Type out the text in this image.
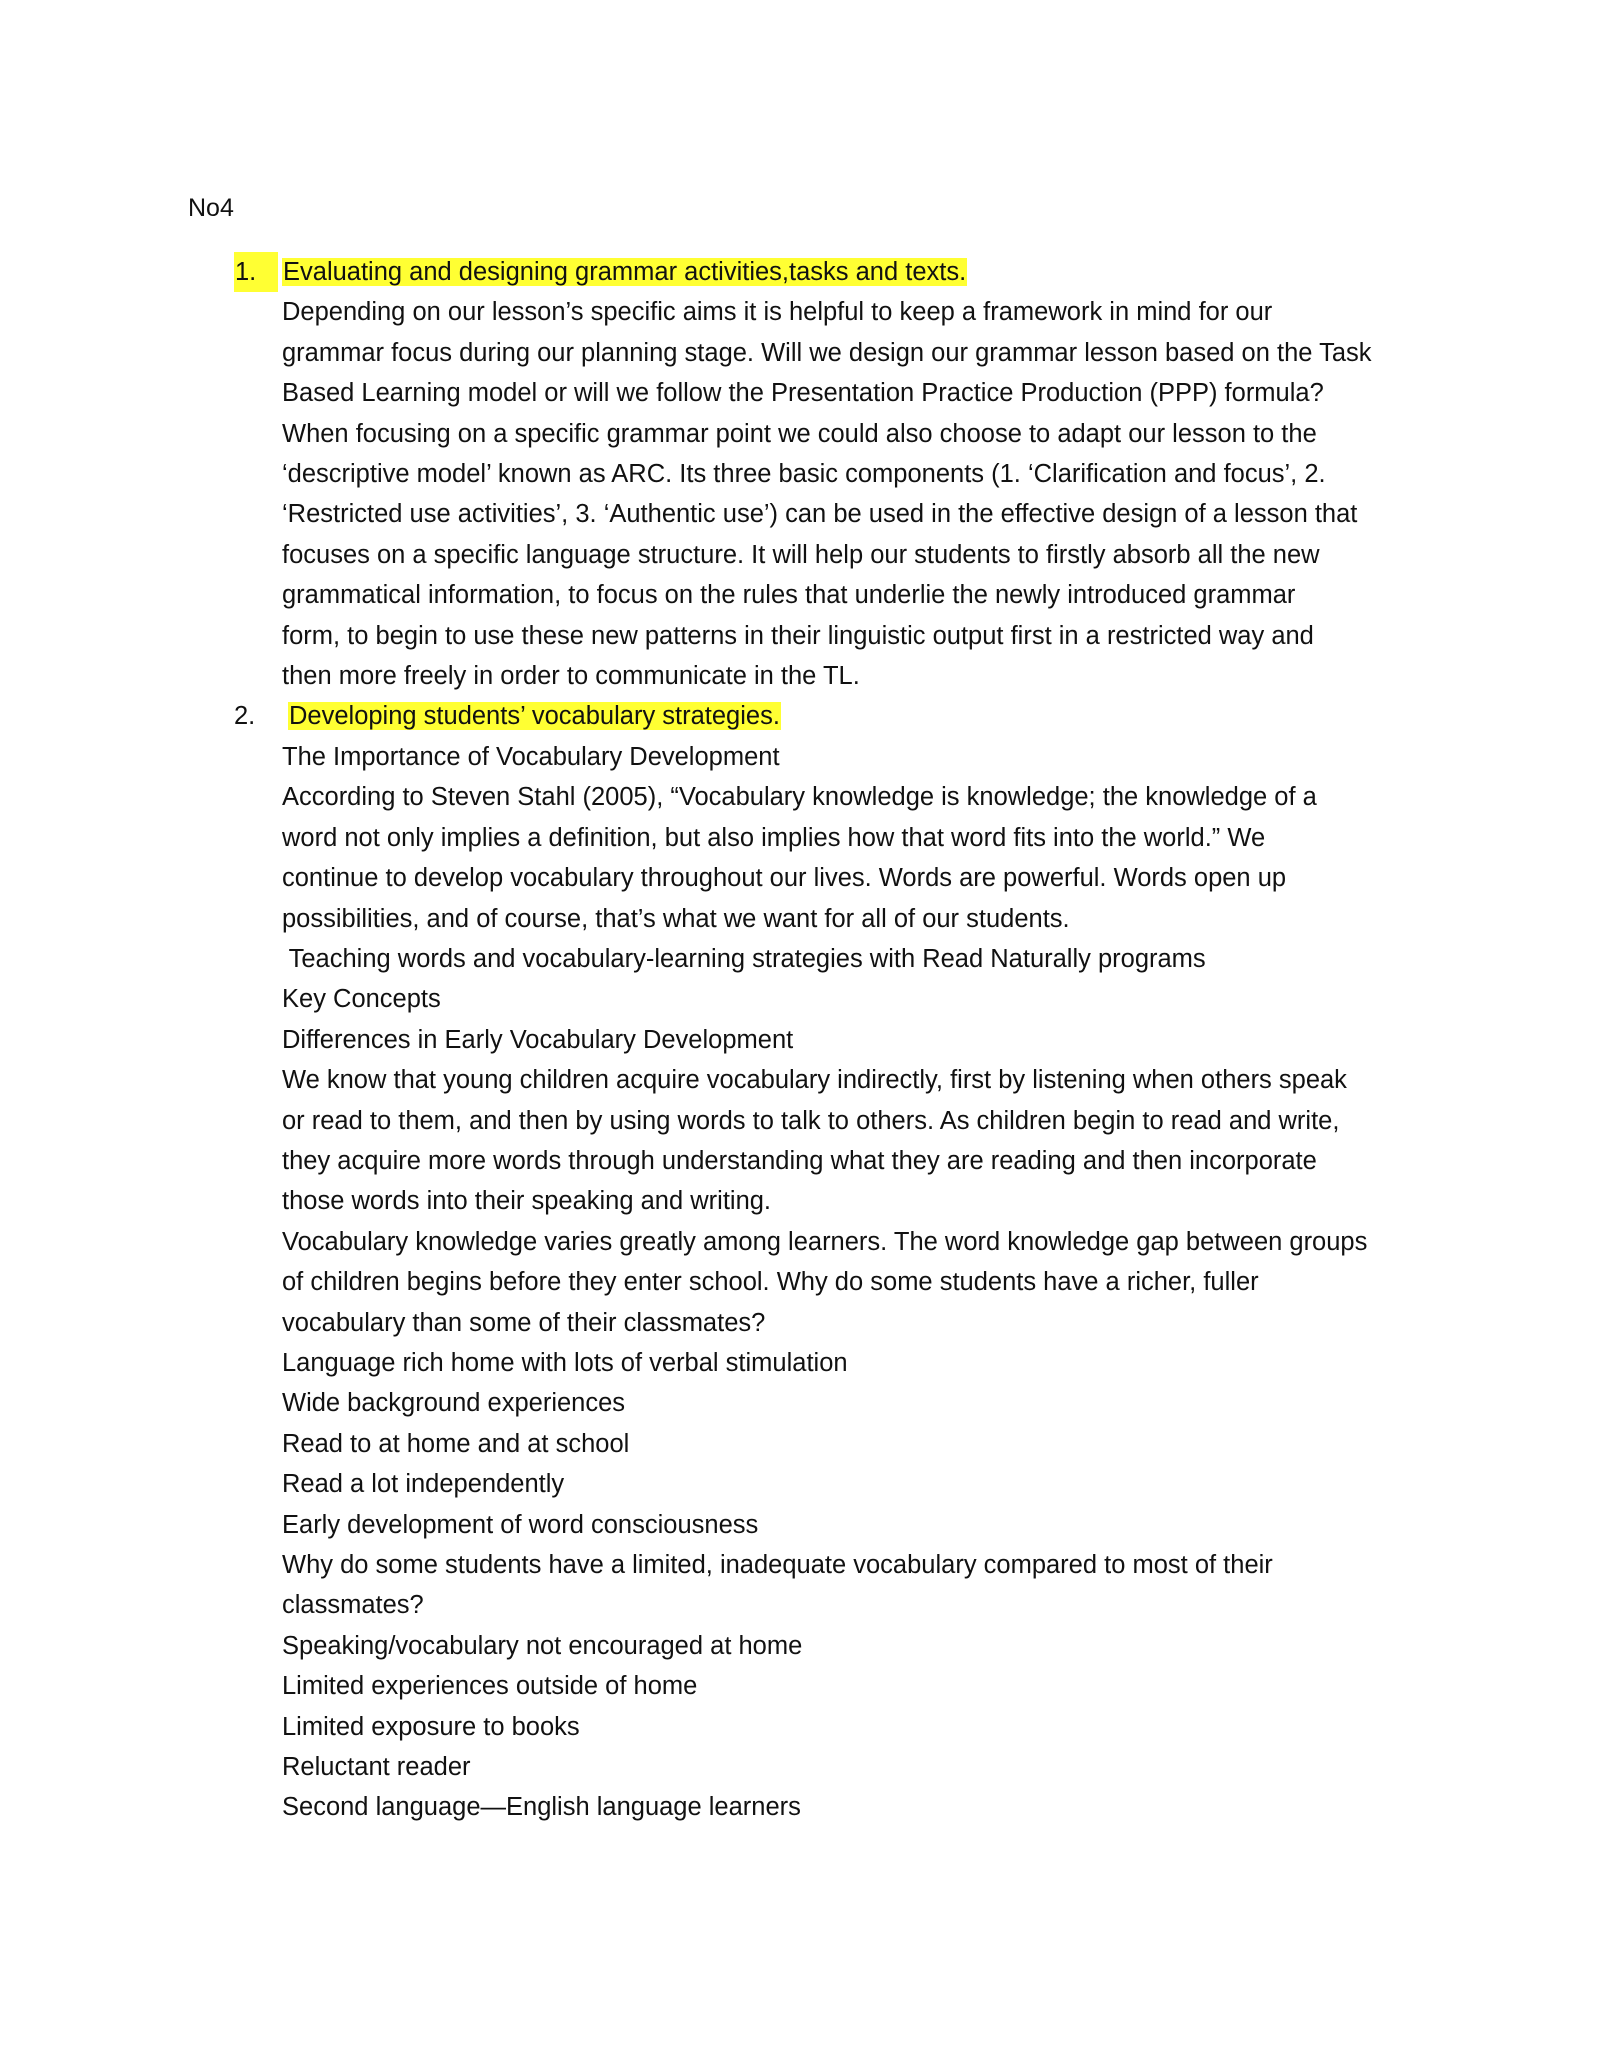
No4

1.	Evaluating and designing grammar activities,tasks and texts.

Depending on our lesson’s specific aims it is helpful to keep a framework in mind for our

grammar focus during our planning stage. Will we design our grammar lesson based on the Task

Based Learning model or will we follow the Presentation Practice Production (PPP) formula?

When focusing on a specific grammar point we could also choose to adapt our lesson to the

‘descriptive model’ known as ARC. Its three basic components (1. ‘Clarification and focus’, 2.

‘Restricted use activities’, 3. ‘Authentic use’) can be used in the effective design of a lesson that

focuses on a specific language structure. It will help our students to firstly absorb all the new

grammatical information, to focus on the rules that underlie the newly introduced grammar

form, to begin to use these new patterns in their linguistic output first in a restricted way and

then more freely in order to communicate in the TL.

2.	Developing students’ vocabulary strategies.

The Importance of Vocabulary Development

According to Steven Stahl (2005), “Vocabulary knowledge is knowledge; the knowledge of a

word not only implies a definition, but also implies how that word fits into the world.” We

continue to develop vocabulary throughout our lives. Words are powerful. Words open up

possibilities, and of course, that’s what we want for all of our students.

Teaching words and vocabulary-learning strategies with Read Naturally programs

Key Concepts

Differences in Early Vocabulary Development

We know that young children acquire vocabulary indirectly, first by listening when others speak

or read to them, and then by using words to talk to others. As children begin to read and write,

they acquire more words through understanding what they are reading and then incorporate

those words into their speaking and writing.

Vocabulary knowledge varies greatly among learners. The word knowledge gap between groups

of children begins before they enter school. Why do some students have a richer, fuller

vocabulary than some of their classmates?

Language rich home with lots of verbal stimulation

Wide background experiences

Read to at home and at school

Read a lot independently

Early development of word consciousness

Why do some students have a limited, inadequate vocabulary compared to most of their

classmates?

Speaking/vocabulary not encouraged at home

Limited experiences outside of home

Limited exposure to books

Reluctant reader

Second language—English language learners
